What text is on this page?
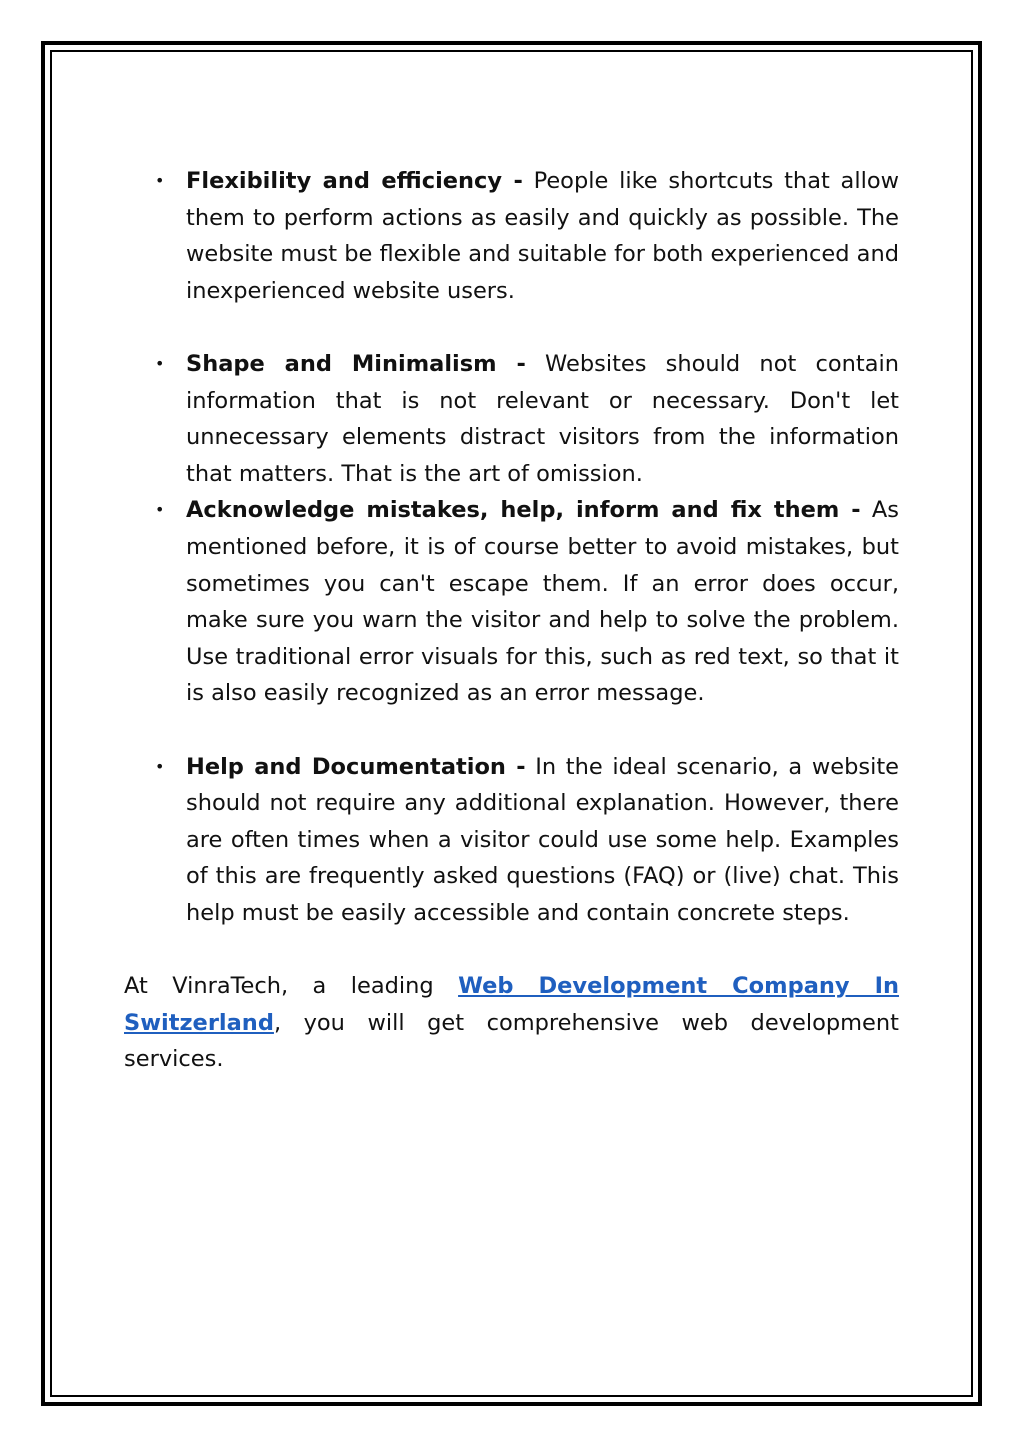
• Flexibility and efficiency - People like shortcuts that allow them to perform actions as easily and quickly as possible. The website must be flexible and suitable for both experienced and inexperienced website users.
• Shape and Minimalism - Websites should not contain information that is not relevant or necessary. Don't let unnecessary elements distract visitors from the information that matters. That is the art of omission.
• Acknowledge mistakes, help, inform and fix them - As mentioned before, it is of course better to avoid mistakes, but sometimes you can't escape them. If an error does occur, make sure you warn the visitor and help to solve the problem. Use traditional error visuals for this, such as red text, so that it is also easily recognized as an error message.
• Help and Documentation - In the ideal scenario, a website should not require any additional explanation. However, there are often times when a visitor could use some help. Examples of this are frequently asked questions (FAQ) or (live) chat. This help must be easily accessible and contain concrete steps.

At VinraTech, a leading Web Development Company In Switzerland, you will get comprehensive web development services.
